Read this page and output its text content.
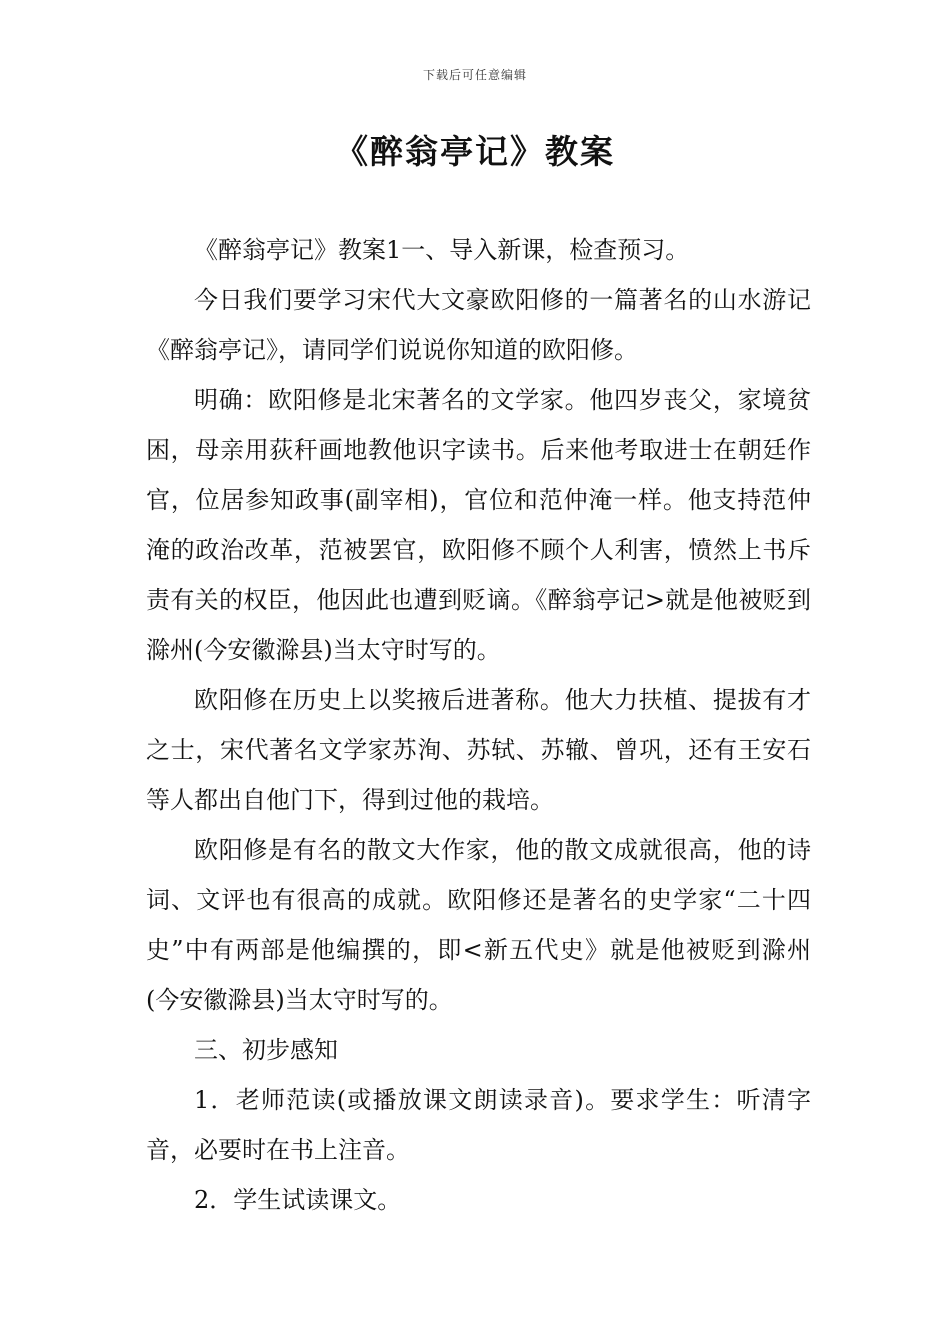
下载后可任意编辑
《醉翁亭记》教案

《醉翁亭记》教案1一、导入新课，检查预习。

今日我们要学习宋代大文豪欧阳修的一篇著名的山水游记《醉翁亭记》，请同学们说说你知道的欧阳修。

明确：欧阳修是北宋著名的文学家。他四岁丧父，家境贫困，母亲用荻秆画地教他识字读书。后来他考取进士在朝廷作官，位居参知政事(副宰相)，官位和范仲淹一样。他支持范仲淹的政治改革，范被罢官，欧阳修不顾个人利害，愤然上书斥责有关的权臣，他因此也遭到贬谪。《醉翁亭记>就是他被贬到滁州(今安徽滁县)当太守时写的。

欧阳修在历史上以奖掖后进著称。他大力扶植、提拔有才之士，宋代著名文学家苏洵、苏轼、苏辙、曾巩，还有王安石等人都出自他门下，得到过他的栽培。

欧阳修是有名的散文大作家，他的散文成就很高，他的诗词、文评也有很高的成就。欧阳修还是著名的史学家“二十四史”中有两部是他编撰的，即<新五代史》就是他被贬到滁州(今安徽滁县)当太守时写的。

三、初步感知

1．老师范读(或播放课文朗读录音)。要求学生：听清字音，必要时在书上注音。

2．学生试读课文。
